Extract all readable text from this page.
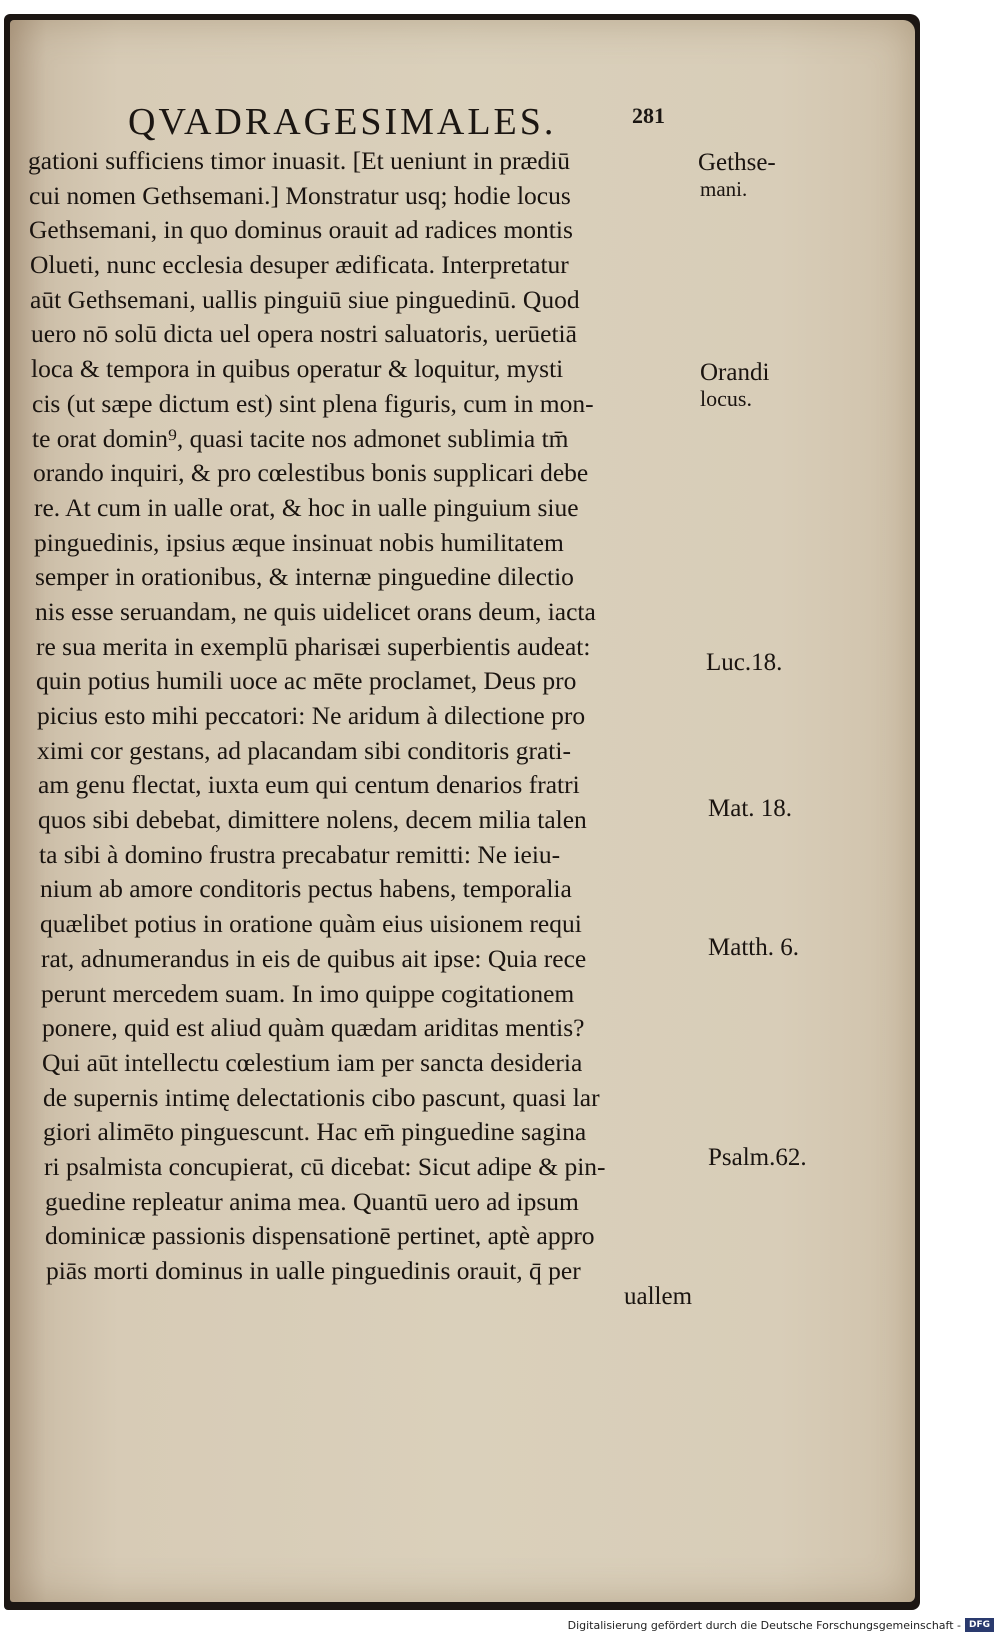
QVADRAGESIMALES.	281
gationi sufficiens timor inuasit. [Et ueniunt in prædiū
cui nomen Gethsemani.] Monstratur usq; hodie locus
Gethsemani, in quo dominus orauit ad radices montis
Olueti, nunc ecclesia desuper ædificata. Interpretatur
aūt Gethsemani, uallis pinguiū siue pinguedinū. Quod
uero nō solū dicta uel opera nostri saluatoris, uerūetiā
loca & tempora in quibus operatur & loquitur, mysti
cis (ut sæpe dictum est) sint plena figuris, cum in mon-
te orat domin⁹, quasi tacite nos admonet sublimia tm̄
orando inquiri, & pro cœlestibus bonis supplicari debe
re. At cum in ualle orat, & hoc in ualle pinguium siue
pinguedinis, ipsius æque insinuat nobis humilitatem
semper in orationibus, & internæ pinguedine dilectio
nis esse seruandam, ne quis uidelicet orans deum, iacta
re sua merita in exemplū pharisæi superbientis audeat:
quin potius humili uoce ac mēte proclamet, Deus pro
picius esto mihi peccatori: Ne aridum à dilectione pro
ximi cor gestans, ad placandam sibi conditoris grati-
am genu flectat, iuxta eum qui centum denarios fratri
quos sibi debebat, dimittere nolens, decem milia talen
ta sibi à domino frustra precabatur remitti: Ne ieiu-
nium ab amore conditoris pectus habens, temporalia
quælibet potius in oratione quàm eius uisionem requi
rat, adnumerandus in eis de quibus ait ipse: Quia rece
perunt mercedem suam. In imo quippe cogitationem
ponere, quid est aliud quàm quædam ariditas mentis?
Qui aūt intellectu cœlestium iam per sancta desideria
de supernis intimę delectationis cibo pascunt, quasi lar
giori alimēto pinguescunt. Hac em̄ pinguedine sagina
ri psalmista concupierat, cū dicebat: Sicut adipe & pin-
guedine repleatur anima mea. Quantū uero ad ipsum
dominicæ passionis dispensationē pertinet, aptè appro
piās morti dominus in ualle pinguedinis orauit, q̄ per
Gethse-
mani.
Orandi
locus.
Luc.18.
Mat. 18.
Matth. 6.
Psalm.62.
uallem
Digitalisierung gefördert durch die Deutsche Forschungsgemeinschaft - DFG
